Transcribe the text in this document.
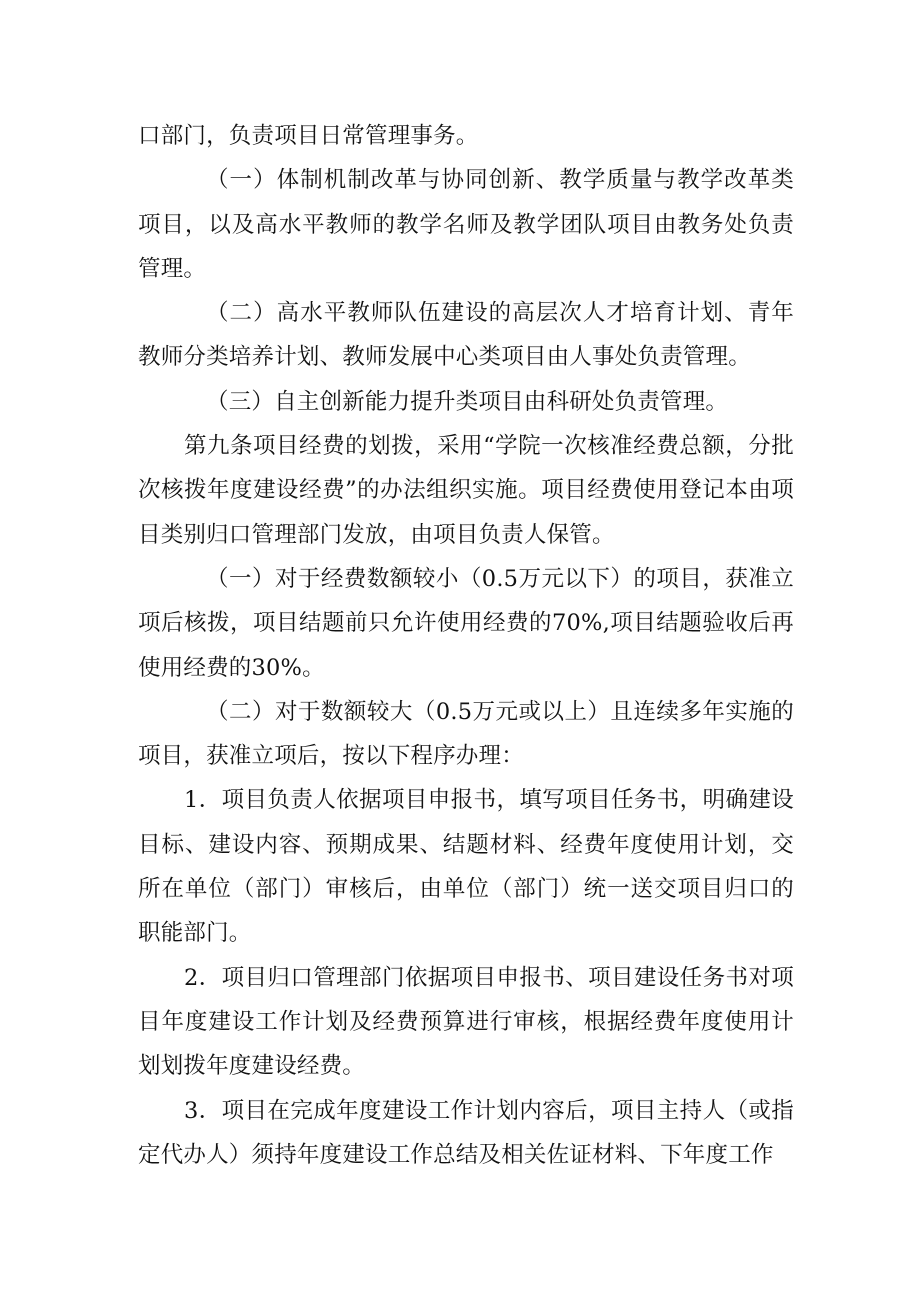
口部门，负责项目日常管理事务。

（一）体制机制改革与协同创新、教学质量与教学改革类项目，以及高水平教师的教学名师及教学团队项目由教务处负责管理。

（二）高水平教师队伍建设的高层次人才培育计划、青年教师分类培养计划、教师发展中心类项目由人事处负责管理。

（三）自主创新能力提升类项目由科研处负责管理。

第九条项目经费的划拨，采用“学院一次核准经费总额，分批次核拨年度建设经费”的办法组织实施。项目经费使用登记本由项目类别归口管理部门发放，由项目负责人保管。

（一）对于经费数额较小（0.5万元以下）的项目，获准立项后核拨，项目结题前只允许使用经费的70%,项目结题验收后再使用经费的30%。

（二）对于数额较大（0.5万元或以上）且连续多年实施的项目，获准立项后，按以下程序办理：

1．项目负责人依据项目申报书，填写项目任务书，明确建设目标、建设内容、预期成果、结题材料、经费年度使用计划，交所在单位（部门）审核后，由单位（部门）统一送交项目归口的职能部门。

2．项目归口管理部门依据项目申报书、项目建设任务书对项目年度建设工作计划及经费预算进行审核，根据经费年度使用计划划拨年度建设经费。

3．项目在完成年度建设工作计划内容后，项目主持人（或指定代办人）须持年度建设工作总结及相关佐证材料、下年度工作
